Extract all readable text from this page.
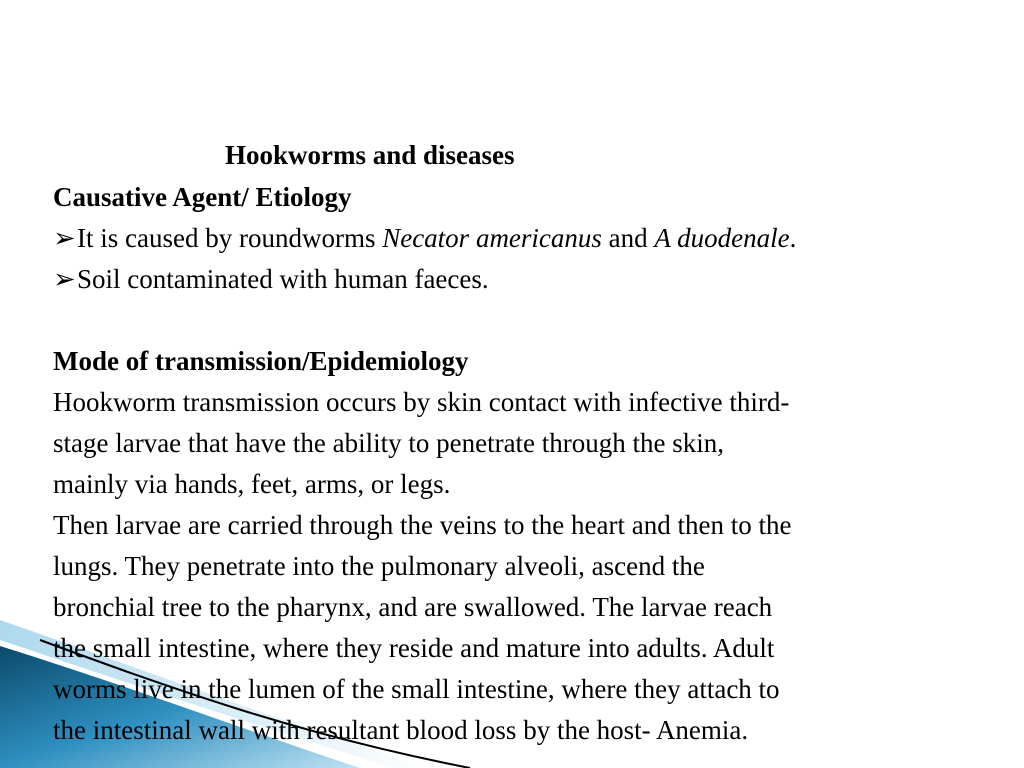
Hookworms and diseases
Causative Agent/ Etiology
➢It is caused by roundworms Necator americanus and A duodenale.
➢Soil contaminated with human faeces.
Mode of transmission/Epidemiology
Hookworm transmission occurs by skin contact with infective third-
stage larvae that have the ability to penetrate through the skin,
mainly via hands, feet, arms, or legs.
Then larvae are carried through the veins to the heart and then to the
lungs. They penetrate into the pulmonary alveoli, ascend the
bronchial tree to the pharynx, and are swallowed. The larvae reach
the small intestine, where they reside and mature into adults. Adult
worms live in the lumen of the small intestine, where they attach to
the intestinal wall with resultant blood loss by the host- Anemia.
